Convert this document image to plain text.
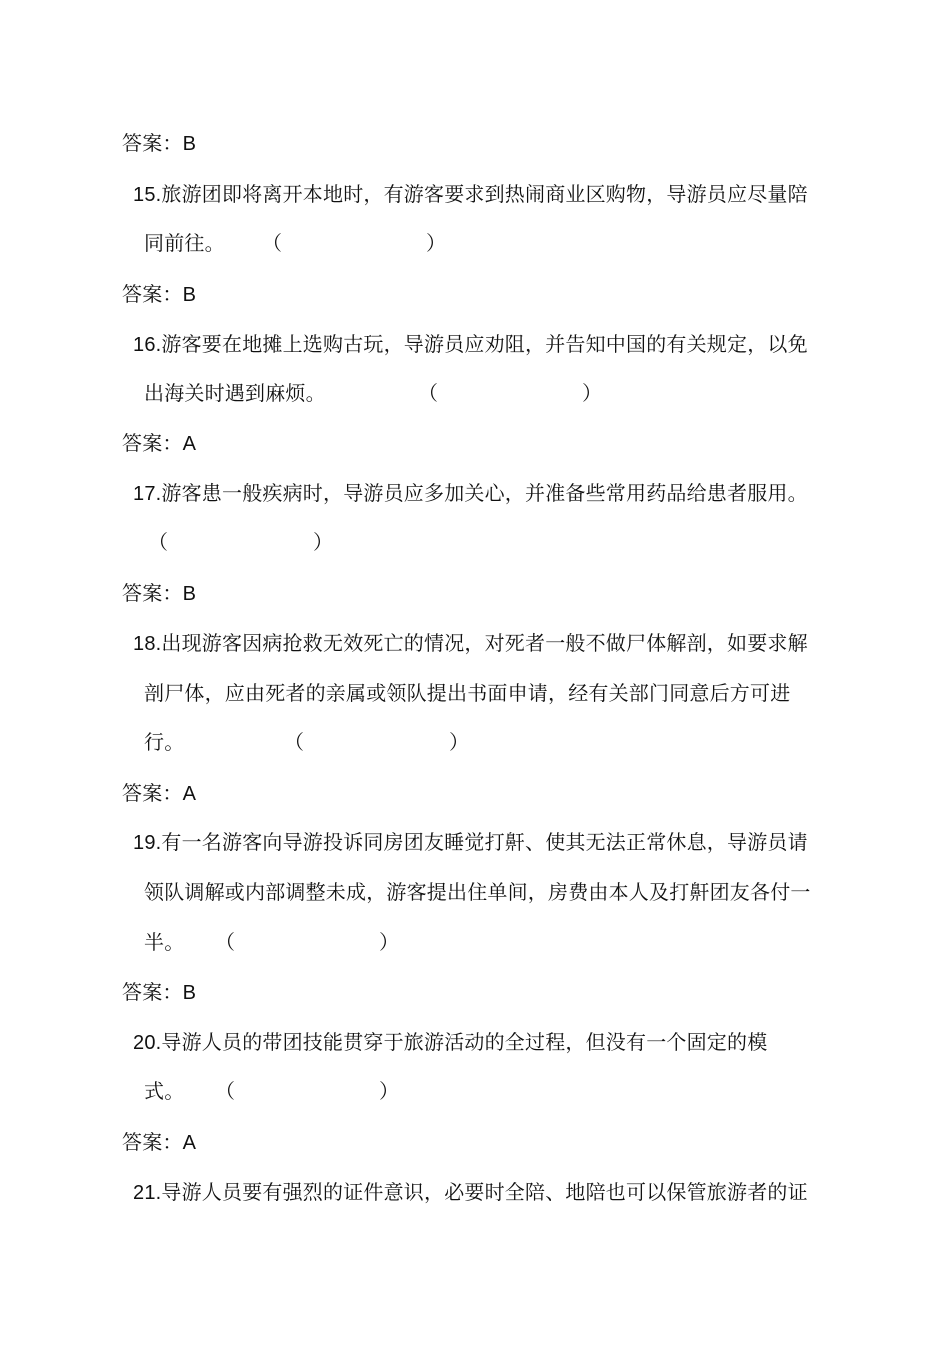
答案：B
15.旅游团即将离开本地时，有游客要求到热闹商业区购物，导游员应尽量陪
同前往。 （	）
答案：B
16.游客要在地摊上选购古玩，导游员应劝阻，并告知中国的有关规定，以免
出海关时遇到麻烦。	（	）
答案：A
17.游客患一般疾病时，导游员应多加关心，并准备些常用药品给患者服用。
（	）
答案：B
18.出现游客因病抢救无效死亡的情况，对死者一般不做尸体解剖，如要求解
剖尸体，应由死者的亲属或领队提出书面申请，经有关部门同意后方可进
行。	（	）
答案：A
19.有一名游客向导游投诉同房团友睡觉打鼾、使其无法正常休息，导游员请
领队调解或内部调整未成，游客提出住单间，房费由本人及打鼾团友各付一
半。 （	）
答案：B
20.导游人员的带团技能贯穿于旅游活动的全过程，但没有一个固定的模
式。 （	）
答案：A
21.导游人员要有强烈的证件意识，必要时全陪、地陪也可以保管旅游者的证
